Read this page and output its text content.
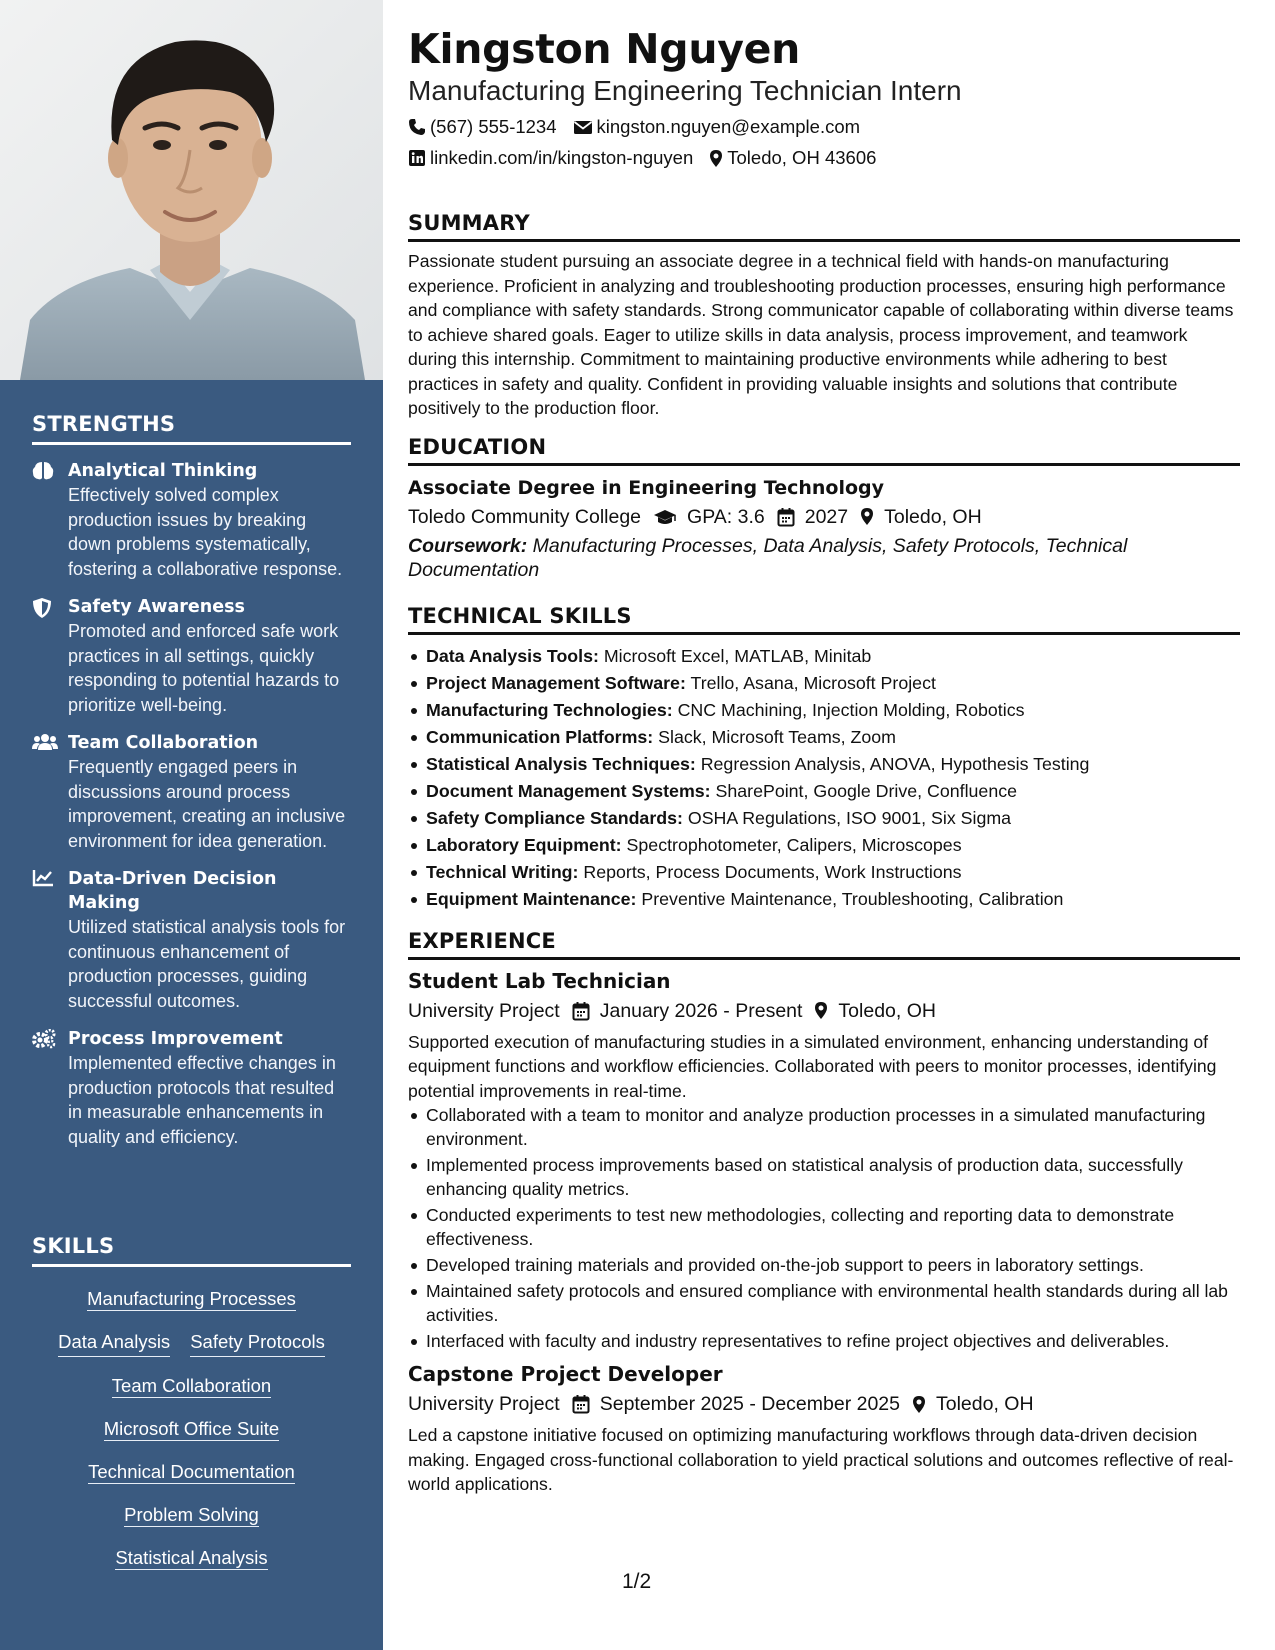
STRENGTHS
Analytical Thinking
Effectively solved complex production issues by breaking down problems systematically, fostering a collaborative response.
Safety Awareness
Promoted and enforced safe work practices in all settings, quickly responding to potential hazards to prioritize well-being.
Team Collaboration
Frequently engaged peers in discussions around process improvement, creating an inclusive environment for idea generation.
Data-Driven Decision Making
Utilized statistical analysis tools for continuous enhancement of production processes, guiding successful outcomes.
Process Improvement
Implemented effective changes in production protocols that resulted in measurable enhancements in quality and efficiency.
SKILLS
Manufacturing Processes
Data Analysis Safety Protocols
Team Collaboration
Microsoft Office Suite
Technical Documentation
Problem Solving
Statistical Analysis
Kingston Nguyen
Manufacturing Engineering Technician Intern
(567) 555-1234 kingston.nguyen@example.com
linkedin.com/in/kingston-nguyen Toledo, OH 43606
SUMMARY
Passionate student pursuing an associate degree in a technical field with hands-on manufacturing experience. Proficient in analyzing and troubleshooting production processes, ensuring high performance and compliance with safety standards. Strong communicator capable of collaborating within diverse teams to achieve shared goals. Eager to utilize skills in data analysis, process improvement, and teamwork during this internship. Commitment to maintaining productive environments while adhering to best practices in safety and quality. Confident in providing valuable insights and solutions that contribute positively to the production floor.
EDUCATION
Associate Degree in Engineering Technology
Toledo Community College GPA: 3.6 2027 Toledo, OH
Coursework: Manufacturing Processes, Data Analysis, Safety Protocols, Technical Documentation
TECHNICAL SKILLS
Data Analysis Tools: Microsoft Excel, MATLAB, Minitab
Project Management Software: Trello, Asana, Microsoft Project
Manufacturing Technologies: CNC Machining, Injection Molding, Robotics
Communication Platforms: Slack, Microsoft Teams, Zoom
Statistical Analysis Techniques: Regression Analysis, ANOVA, Hypothesis Testing
Document Management Systems: SharePoint, Google Drive, Confluence
Safety Compliance Standards: OSHA Regulations, ISO 9001, Six Sigma
Laboratory Equipment: Spectrophotometer, Calipers, Microscopes
Technical Writing: Reports, Process Documents, Work Instructions
Equipment Maintenance: Preventive Maintenance, Troubleshooting, Calibration
EXPERIENCE
Student Lab Technician
University Project January 2026 - Present Toledo, OH
Supported execution of manufacturing studies in a simulated environment, enhancing understanding of equipment functions and workflow efficiencies. Collaborated with peers to monitor processes, identifying potential improvements in real-time.
Collaborated with a team to monitor and analyze production processes in a simulated manufacturing environment.
Implemented process improvements based on statistical analysis of production data, successfully enhancing quality metrics.
Conducted experiments to test new methodologies, collecting and reporting data to demonstrate effectiveness.
Developed training materials and provided on-the-job support to peers in laboratory settings.
Maintained safety protocols and ensured compliance with environmental health standards during all lab activities.
Interfaced with faculty and industry representatives to refine project objectives and deliverables.
Capstone Project Developer
University Project September 2025 - December 2025 Toledo, OH
Led a capstone initiative focused on optimizing manufacturing workflows through data-driven decision making. Engaged cross-functional collaboration to yield practical solutions and outcomes reflective of real-world applications.
1/2
